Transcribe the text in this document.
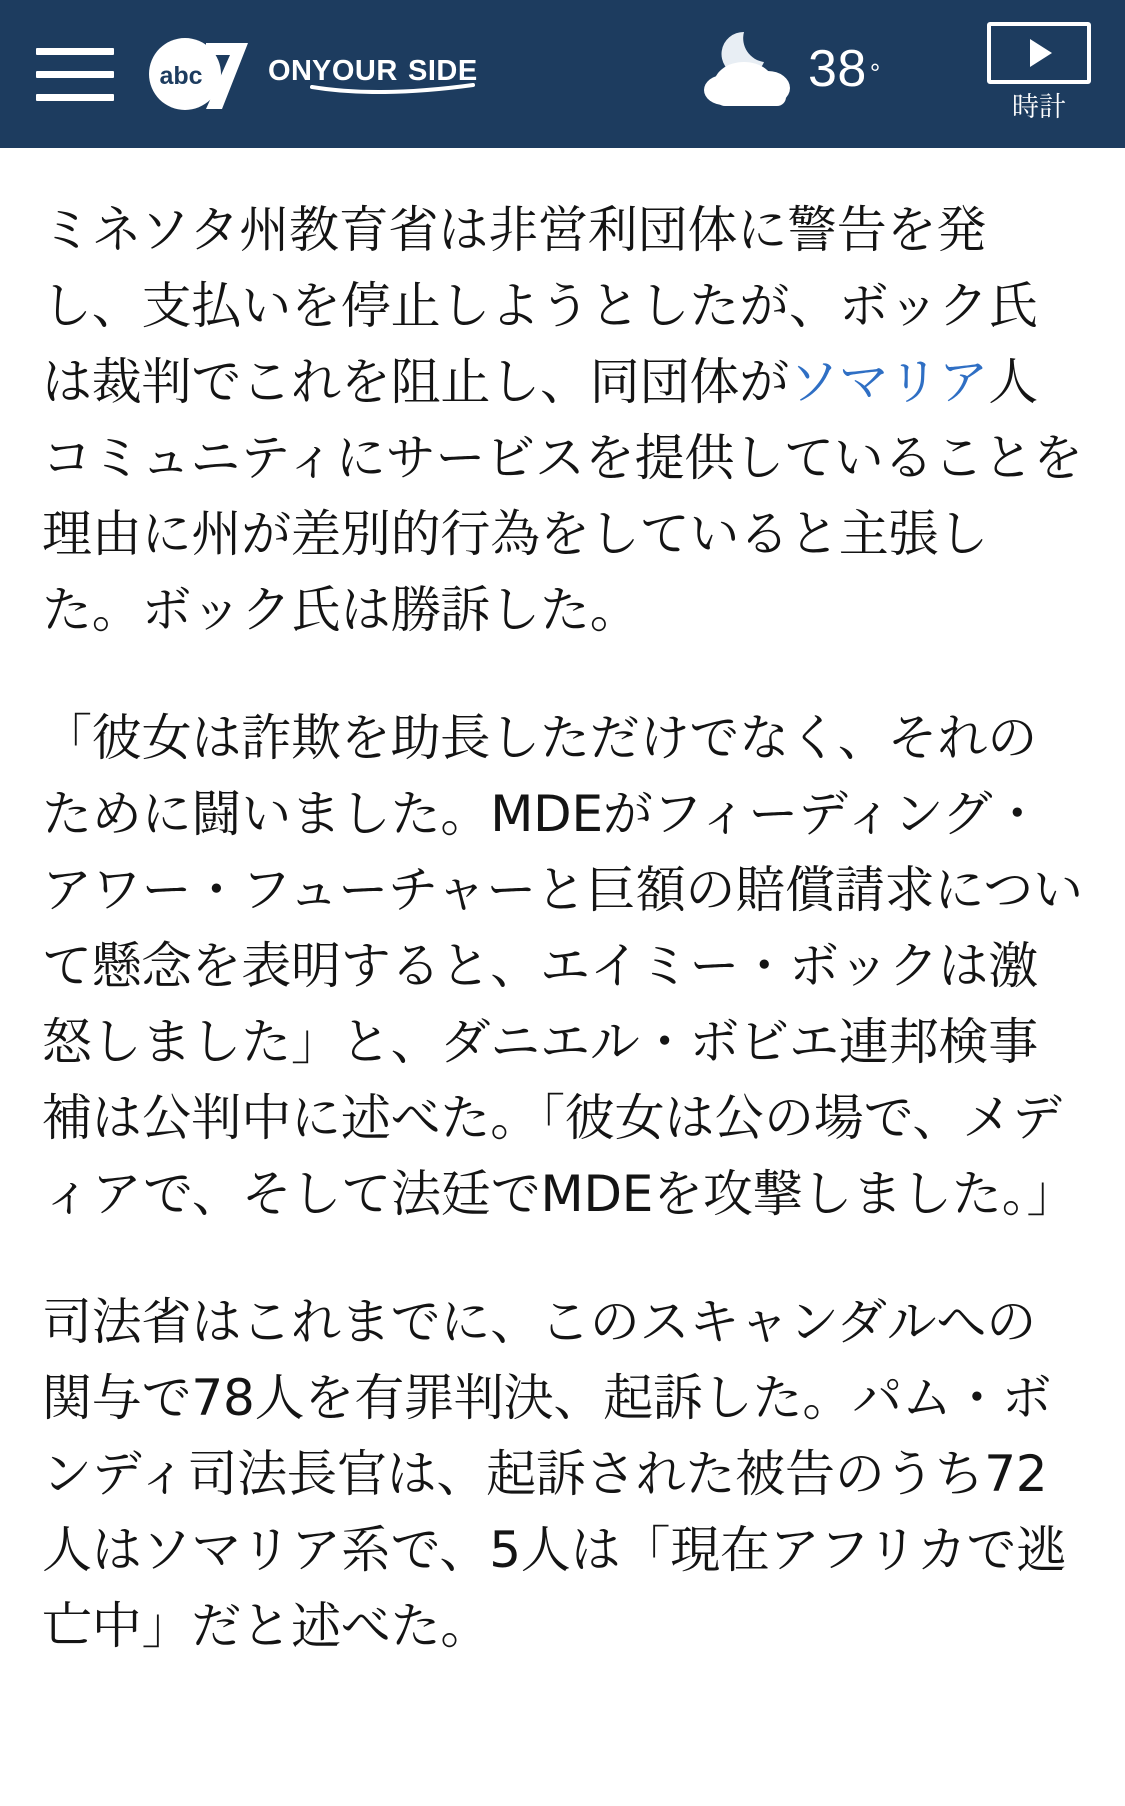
abc ON YOUR SIDE	38 °
時計

ミネソタ州教育省は非営利団体に警告を発し、支払いを停止しようとしたが、ボック氏は裁判でこれを阻止し、同団体がソマリア人コミュニティにサービスを提供していることを理由に州が差別的行為をしていると主張した。ボック氏は勝訴した。

「彼女は詐欺を助長しただけでなく、それのために闘いました。MDEがフィーディング・アワー・フューチャーと巨額の賠償請求について懸念を表明すると、エイミー・ボックは激怒しました」と、ダニエル・ボビエ連邦検事補は公判中に述べた。「彼女は公の場で、メディアで、そして法廷でMDEを攻撃しました。」

司法省はこれまでに、このスキャンダルへの関与で78人を有罪判決、起訴した。パム・ボンディ司法長官は、起訴された被告のうち72人はソマリア系で、5人は「現在アフリカで逃亡中」だと述べた。
